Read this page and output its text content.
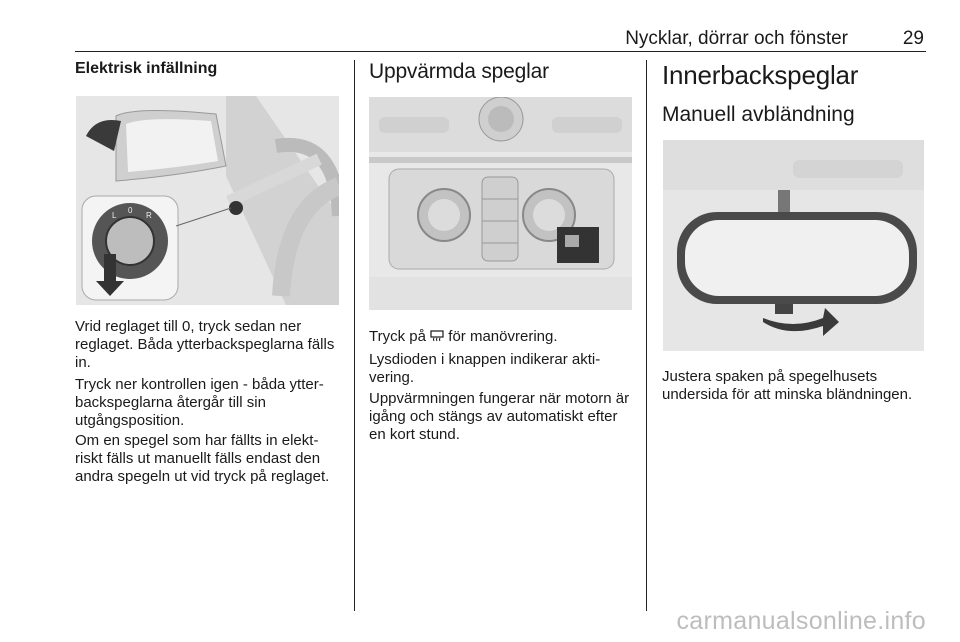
Nycklar, dörrar och fönster	29
Elektrisk infällning
L
0
R

Vrid reglaget till 0, tryck sedan ner reglaget. Båda ytterbackspeglarna fälls in.

Tryck ner kontrollen igen - båda ytter-backspeglarna återgår till sin utgångsposition.

Om en spegel som har fällts in elekt-riskt fälls ut manuellt fälls endast den andra spegeln ut vid tryck på reglaget.

Uppvärmda speglar

Tryck på för manövrering.

Lysdioden i knappen indikerar akti-vering.

Uppvärmningen fungerar när motorn är igång och stängs av automatiskt efter en kort stund.

Innerbackspeglar
Manuell avbländning

Justera spaken på spegelhusets undersida för att minska bländningen.

carmanualsonline.info
